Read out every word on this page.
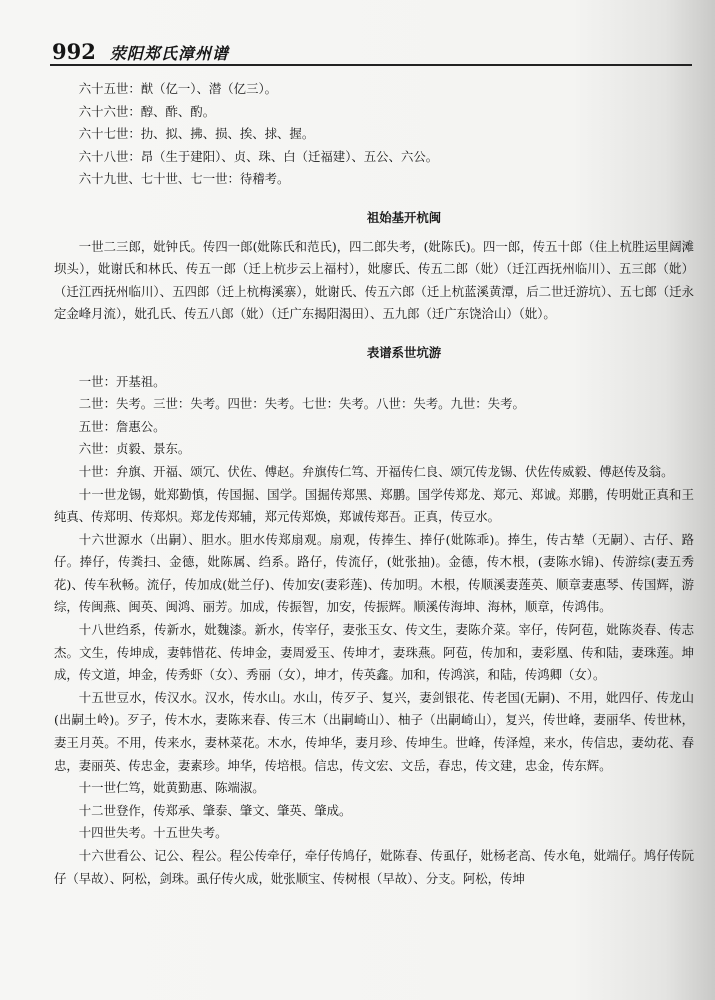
992 荥阳郑氏漳州谱

六十五世：猷（亿一）、潜（亿三）。

六十六世：醇、酢、酌。

六十七世：扐、拟、拂、损、挨、捄、握。

六十八世：昂（生于建阳）、贞、珠、白（迁福建）、五公、六公。

六十九世、七十世、七一世：待稽考。

祖始基开杭闽

一世二三郎，妣钟氏。传四一郎(妣陈氏和范氏)，四二郎失考，(妣陈氏)。四一郎，传五十郎（住上杭胜运里阔滩坝头），妣谢氏和林氏、传五一郎（迁上杭步云上福村），妣廖氏、传五二郎（妣）（迁江西抚州临川）、五三郎（妣）（迁江西抚州临川）、五四郎（迁上杭梅溪寨），妣谢氏、传五六郎（迁上杭蓝溪黄潭，后二世迁游坑）、五七郎（迁永定金峰月流），妣孔氏、传五八郎（妣）（迁广东揭阳渴田）、五九郎（迁广东饶洽山）（妣）。

表谱系世坑游

一世：开基祖。

二世：失考。三世：失考。四世：失考。七世：失考。八世：失考。九世：失考。

五世：詹惠公。

六世：贞毅、景东。

十世：弁旗、开福、颂冗、伏佐、傅赵。弁旗传仁笃、开福传仁良、颂冗传龙锡、伏佐传威毅、傅赵传及翁。

十一世龙锡，妣郑勤慎，传国掘、国学。国掘传郑黑、郑鹏。国学传郑龙、郑元、郑诚。郑鹏，传明妣正真和王纯真、传郑明、传郑炽。郑龙传郑辅，郑元传郑焕，郑诚传郑吾。正真，传豆水。

十六世源水（出嗣）、胆水。胆水传郑扇观。扇观，传捧生、捧仔(妣陈乖)。捧生，传古辇（无嗣）、古仔、路仔。捧仔，传粪扫、金德，妣陈属、绉系。路仔，传流仔，(妣张抽)。金德，传木根，(妻陈水锦)、传游综(妻五秀花)、传车秋畅。流仔，传加成(妣兰仔)、传加安(妻彩莲)、传加明。木根，传顺溪妻莲英、顺章妻惠琴、传国辉，游综，传闽燕、闽英、闽鸿、丽芳。加成，传振智，加安，传振辉。顺溪传海坤、海林，顺章，传鸿伟。

十八世绉系，传新水，妣魏漆。新水，传宰仔，妻张玉女、传文生，妻陈介菜。宰仔，传阿苞，妣陈炎春、传志杰。文生，传坤成，妻韩惜花、传坤金，妻周爱玉、传坤才，妻珠燕。阿苞，传加和，妻彩凰、传和陆，妻珠莲。坤成，传文道，坤金，传秀虾（女）、秀丽（女），坤才，传英鑫。加和，传鸿滨，和陆，传鸿卿（女）。

十五世豆水，传汉水。汉水，传水山。水山，传歹子、复兴，妻剑银花、传老国(无嗣)、不用，妣四仔、传龙山(出嗣土岭)。歹子，传木水，妻陈来春、传三木（出嗣崎山）、柚子（出嗣崎山），复兴，传世峰，妻丽华、传世林，妻王月英。不用，传来水，妻林菜花。木水，传坤华，妻月珍、传坤生。世峰，传泽煌，来水，传信忠，妻幼花、春忠，妻丽英、传忠金，妻素珍。坤华，传培根。信忠，传文宏、文岳，春忠，传文建，忠金，传东辉。

十一世仁笃，妣黄勤惠、陈端淑。

十二世登作，传郑承、肇泰、肇文、肇英、肇成。

十四世失考。十五世失考。

十六世看公、记公、程公。程公传牵仔，牵仔传鸠仔，妣陈春、传虱仔，妣杨老高、传水龟，妣端仔。鸠仔传阮仔（早故）、阿松，剑珠。虱仔传火成，妣张顺宝、传树根（早故）、分支。阿松，传坤
